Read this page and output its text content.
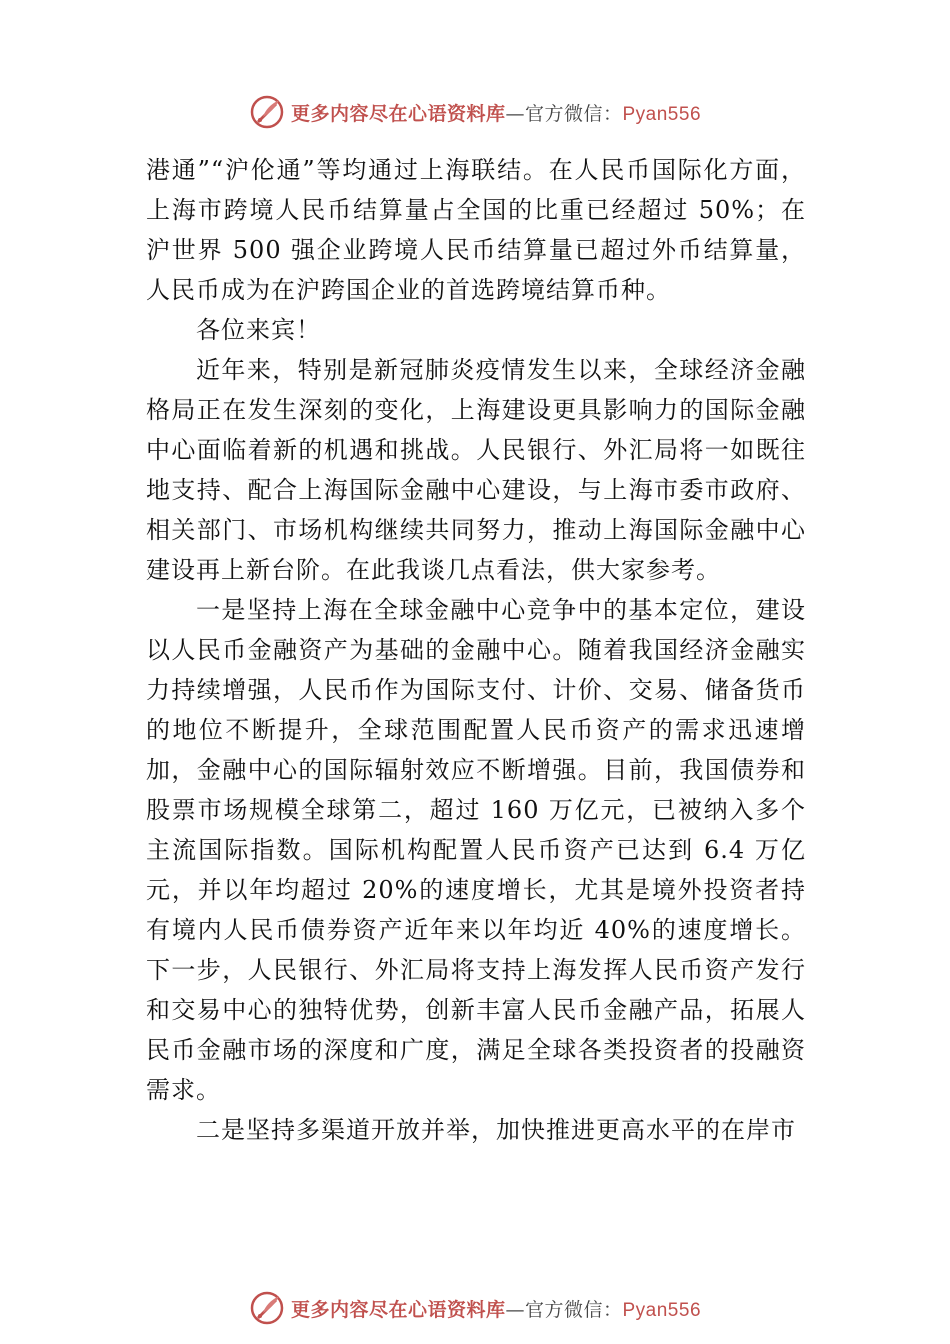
更多内容尽在心语资料库—官方微信：Pyan556

港通”“沪伦通”等均通过上海联结。在人民币国际化方面，上海市跨境人民币结算量占全国的比重已经超过 50%；在沪世界 500 强企业跨境人民币结算量已超过外币结算量，人民币成为在沪跨国企业的首选跨境结算币种。

各位来宾！

近年来，特别是新冠肺炎疫情发生以来，全球经济金融格局正在发生深刻的变化，上海建设更具影响力的国际金融中心面临着新的机遇和挑战。人民银行、外汇局将一如既往地支持、配合上海国际金融中心建设，与上海市委市政府、 相关部门、市场机构继续共同努力，推动上海国际金融中心建设再上新台阶。在此我谈几点看法，供大家参考。

一是坚持上海在全球金融中心竞争中的基本定位，建设以人民币金融资产为基础的金融中心。随着我国经济金融实力持续增强，人民币作为国际支付、计价、交易、储备货币的地位不断提升，全球范围配置人民币资产的需求迅速增加，金融中心的国际辐射效应不断增强。目前，我国债券和股票市场规模全球第二，超过 160 万亿元，已被纳入多个主流国际指数。国际机构配置人民币资产已达到 6.4 万亿元，并以年均超过 20%的速度增长，尤其是境外投资者持有境内人民币债券资产近年来以年均近 40%的速度增长。下一步，人民银行、外汇局将支持上海发挥人民币资产发行和交易中心的独特优势，创新丰富人民币金融产品，拓展人民币金融市场的深度和广度，满足全球各类投资者的投融资需求。

二是坚持多渠道开放并举，加快推进更高水平的在岸市

更多内容尽在心语资料库—官方微信：Pyan556
